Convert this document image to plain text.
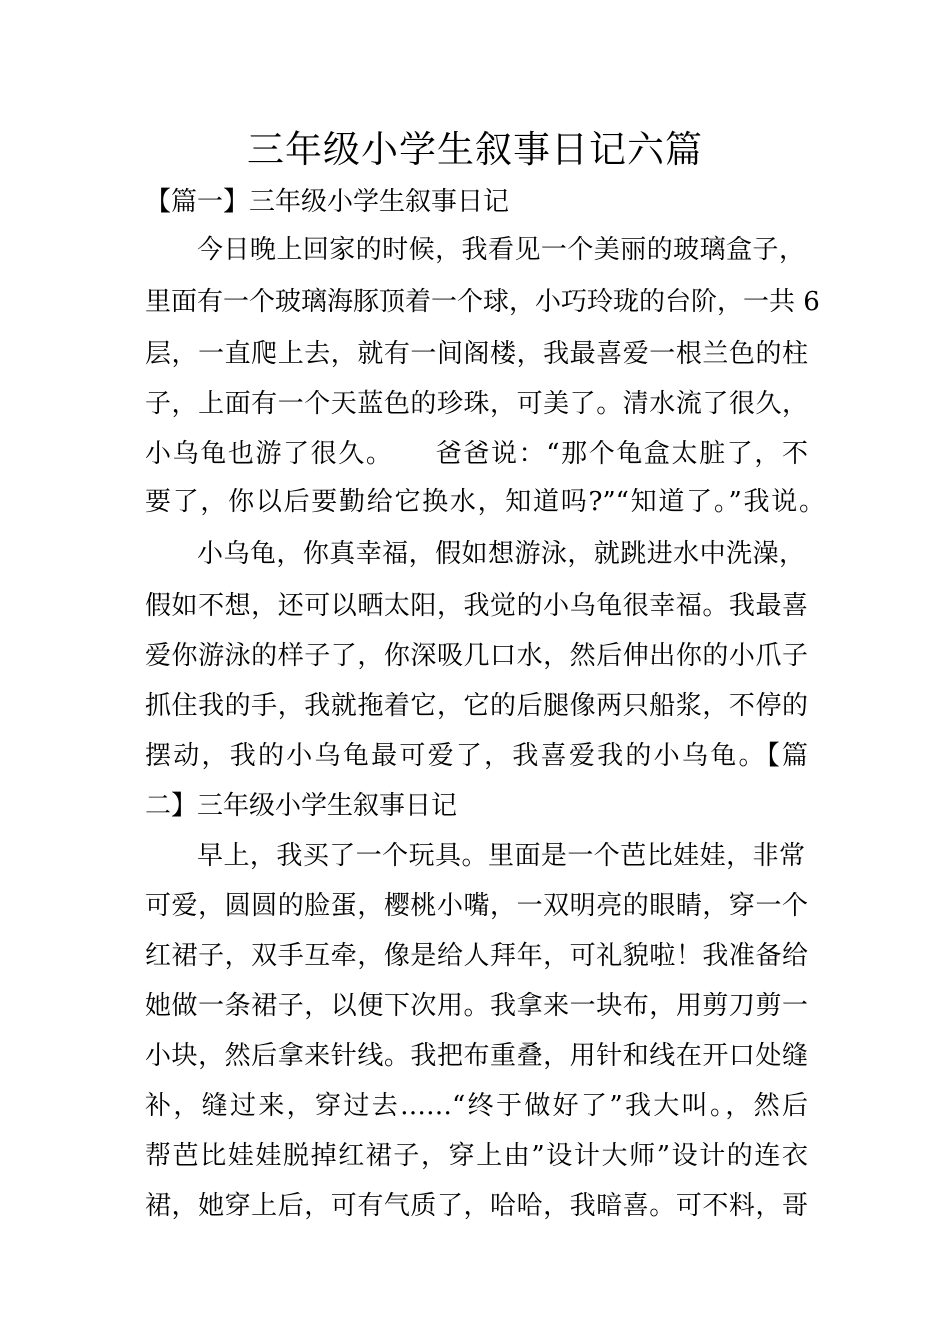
三年级小学生叙事日记六篇
【篇一】三年级小学生叙事日记
今日晚上回家的时候，我看见一个美丽的玻璃盒子，
里面有一个玻璃海豚顶着一个球，小巧玲珑的台阶，一共 6
层，一直爬上去，就有一间阁楼，我最喜爱一根兰色的柱
子，上面有一个天蓝色的珍珠，可美了。清水流了很久，
小乌龟也游了很久。　　爸爸说：“那个龟盒太脏了，不
要了，你以后要勤给它换水，知道吗?”“知道了。”我说。
小乌龟，你真幸福，假如想游泳，就跳进水中洗澡，
假如不想，还可以晒太阳，我觉的小乌龟很幸福。我最喜
爱你游泳的样子了，你深吸几口水，然后伸出你的小爪子
抓住我的手，我就拖着它，它的后腿像两只船浆，不停的
摆动，我的小乌龟最可爱了，我喜爱我的小乌龟。【篇
二】三年级小学生叙事日记
早上，我买了一个玩具。里面是一个芭比娃娃，非常
可爱，圆圆的脸蛋，樱桃小嘴，一双明亮的眼睛，穿一个
红裙子，双手互牵，像是给人拜年，可礼貌啦！我准备给
她做一条裙子，以便下次用。我拿来一块布，用剪刀剪一
小块，然后拿来针线。我把布重叠，用针和线在开口处缝
补，缝过来，穿过去……“终于做好了”我大叫。，然后
帮芭比娃娃脱掉红裙子，穿上由”设计大师”设计的连衣
裙，她穿上后，可有气质了，哈哈，我暗喜。可不料，哥
